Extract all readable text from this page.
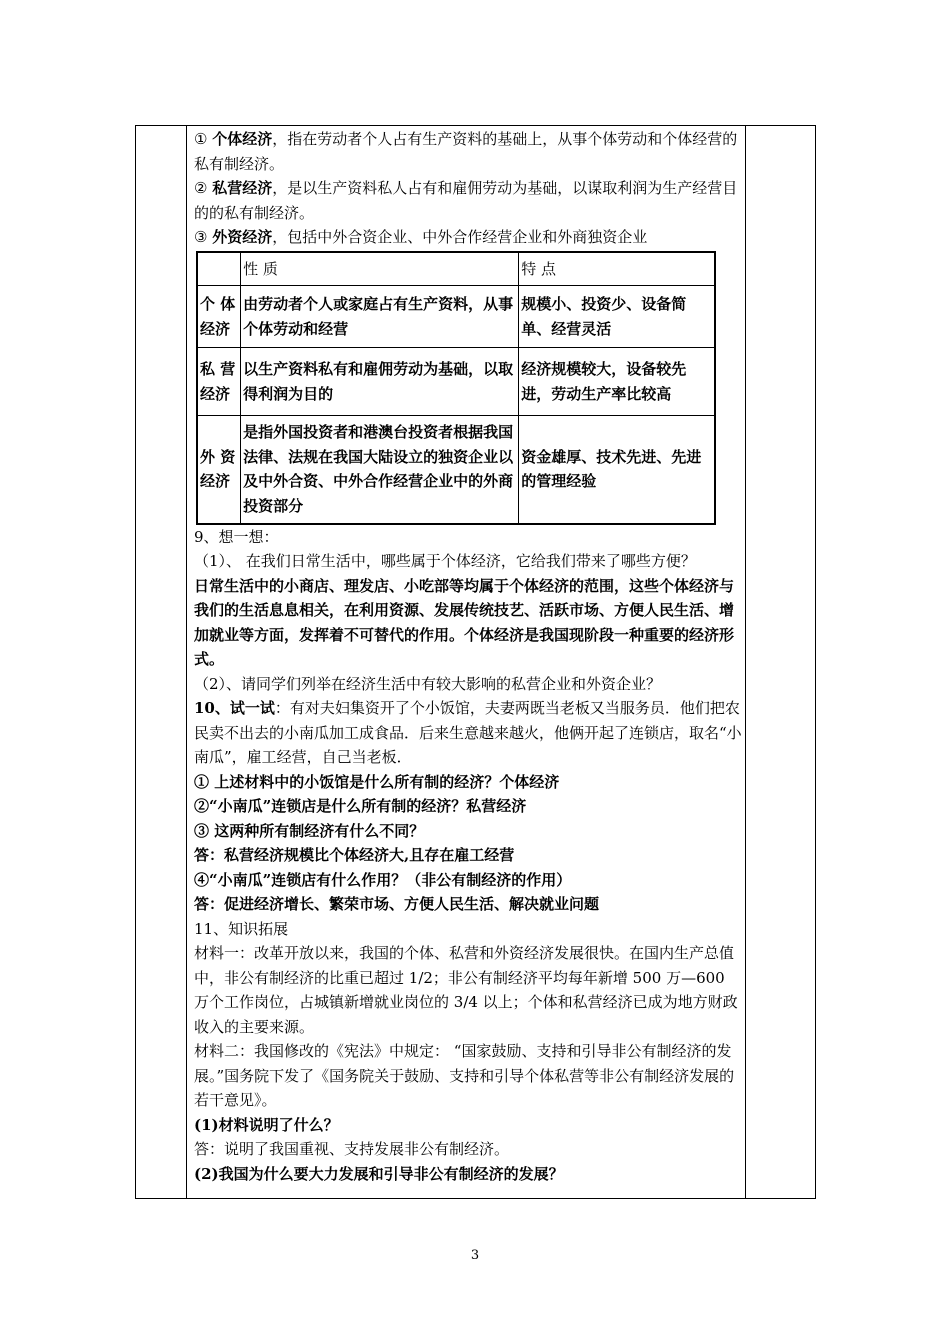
① 个体经济，指在劳动者个人占有生产资料的基础上，从事个体劳动和个体经营的私有制经济。

② 私营经济，是以生产资料私人占有和雇佣劳动为基础，以谋取利润为生产经营目的的私有制经济。

③ 外资经济，包括中外合资企业、中外合作经营企业和外商独资企业

	性 质	特 点
个 体经济	由劳动者个人或家庭占有生产资料，从事个体劳动和经营	规模小、投资少、设备简单、经营灵活
私 营经济	以生产资料私有和雇佣劳动为基础，以取得利润为目的	经济规模较大，设备较先进，劳动生产率比较高
外 资经济	是指外国投资者和港澳台投资者根据我国法律、法规在我国大陆设立的独资企业以及中外合资、中外合作经营企业中的外商投资部分	资金雄厚、技术先进、先进的管理经验

9、想一想：

（1）、 在我们日常生活中，哪些属于个体经济，它给我们带来了哪些方便？

日常生活中的小商店、理发店、小吃部等均属于个体经济的范围，这些个体经济与我们的生活息息相关，在利用资源、发展传统技艺、活跃市场、方便人民生活、增加就业等方面，发挥着不可替代的作用。个体经济是我国现阶段一种重要的经济形式。

（2）、请同学们列举在经济生活中有较大影响的私营企业和外资企业？

10、试一试：有对夫妇集资开了个小饭馆，夫妻两既当老板又当服务员．他们把农民卖不出去的小南瓜加工成食品．后来生意越来越火，他俩开起了连锁店，取名“小南瓜”，雇工经营，自己当老板．

① 上述材料中的小饭馆是什么所有制的经济？个体经济

②“小南瓜”连锁店是什么所有制的经济？私营经济

③ 这两种所有制经济有什么不同？

答：私营经济规模比个体经济大,且存在雇工经营

④“小南瓜”连锁店有什么作用？（非公有制经济的作用）

答：促进经济增长、繁荣市场、方便人民生活、解决就业问题

11、知识拓展

材料一：改革开放以来，我国的个体、私营和外资经济发展很快。在国内生产总值中，非公有制经济的比重已超过 1/2；非公有制经济平均每年新增 500 万—600 万个工作岗位，占城镇新增就业岗位的 3/4 以上；个体和私营经济已成为地方财政收入的主要来源。

材料二：我国修改的《宪法》中规定： “国家鼓励、支持和引导非公有制经济的发展。”国务院下发了《国务院关于鼓励、支持和引导个体私营等非公有制经济发展的若干意见》。

(1)材料说明了什么？

答：说明了我国重视、支持发展非公有制经济。

(2)我国为什么要大力发展和引导非公有制经济的发展？

3
